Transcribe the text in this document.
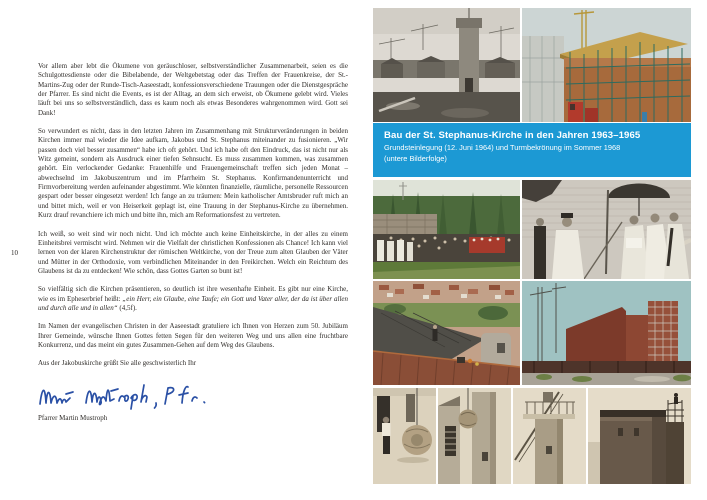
10

Vor allem aber lebt die Ökumene von geräuschloser, selbstverständlicher Zusammenarbeit, seien es die Schulgottesdienste oder die Bibelabende, der Weltgebetstag oder das Treffen der Frauenkreise, der St.-Martins-Zug oder der Runde-Tisch-Aaseestadt, konfessionsverschiedene Trauungen oder die Dienstgespräche der Pfarrer. Es sind nicht die Events, es ist der Alltag, an dem sich erweist, ob Ökumene gelebt wird. Vieles läuft bei uns so selbstverständlich, dass es kaum noch als etwas Besonderes wahrgenommen wird. Gott sei Dank!

So verwundert es nicht, dass in den letzten Jahren im Zusammenhang mit Strukturveränderungen in beiden Kirchen immer mal wieder die Idee aufkam, Jakobus und St. Stephanus miteinander zu fusionieren. „Wir passen doch viel besser zusammen“ habe ich oft gehört. Und ich habe oft den Eindruck, das ist nicht nur als Witz gemeint, sondern als Ausdruck einer tiefen Sehnsucht. Es muss zusammen kommen, was zusammen gehört. Ein verlockender Gedanke: Frauenhilfe und Frauengemeinschaft treffen sich jeden Monat – abwechselnd im Jakobuszentrum und im Pfarrheim St. Stephanus. Konfirmandenunterricht und Firmvorbereitung werden aufeinander abgestimmt. Wie könnten finanzielle, räumliche, personelle Ressourcen gespart oder besser eingesetzt werden! Ich fange an zu träumen: Mein katholischer Amtsbruder ruft mich an und bittet mich, weil er von Heiserkeit geplagt ist, eine Trauung in der Stephanus-Kirche zu übernehmen. Kurz drauf revanchiere ich mich und bitte ihn, mich am Reformationsfest zu vertreten.

Ich weiß, so weit sind wir noch nicht. Und ich möchte auch keine Einheitskirche, in der alles zu einem Einheitsbrei vermischt wird. Nehmen wir die Vielfalt der christlichen Konfessionen als Chance! Ich kann viel lernen von der klaren Kirchenstruktur der römischen Weltkirche, von der Treue zum alten Glauben der Väter und Mütter in der Orthodoxie, vom verbindlichen Miteinander in den Freikirchen. Welch ein Reichtum des Glaubens ist da zu entdecken! Wie schön, dass Gottes Garten so bunt ist!

So vielfältig sich die Kirchen präsentieren, so deutlich ist ihre wesenhafte Einheit. Es gibt nur eine Kirche, wie es im Epheserbrief heißt: „ein Herr, ein Glaube, eine Taufe; ein Gott und Vater aller, der da ist über allen und durch alle und in allen“ (4,5f).

Im Namen der evangelischen Christen in der Aaseestadt gratuliere ich Ihnen von Herzen zum 50. Jubiläum Ihrer Gemeinde, wünsche Ihnen Gottes fetten Segen für den weiteren Weg und uns allen eine fruchtbare Konkurrenz, und das meint ein gutes Zusammen-Gehen auf dem Weg des Glaubens.

Aus der Jakobuskirche grüßt Sie alle geschwisterlich Ihr

Pfarrer Martin Mustroph
Bau der St. Stephanus-Kirche in den Jahren 1963–1965

Grundsteinlegung (12. Juni 1964) und Turmbekrönung im Sommer 1968

(untere Bilderfolge)
